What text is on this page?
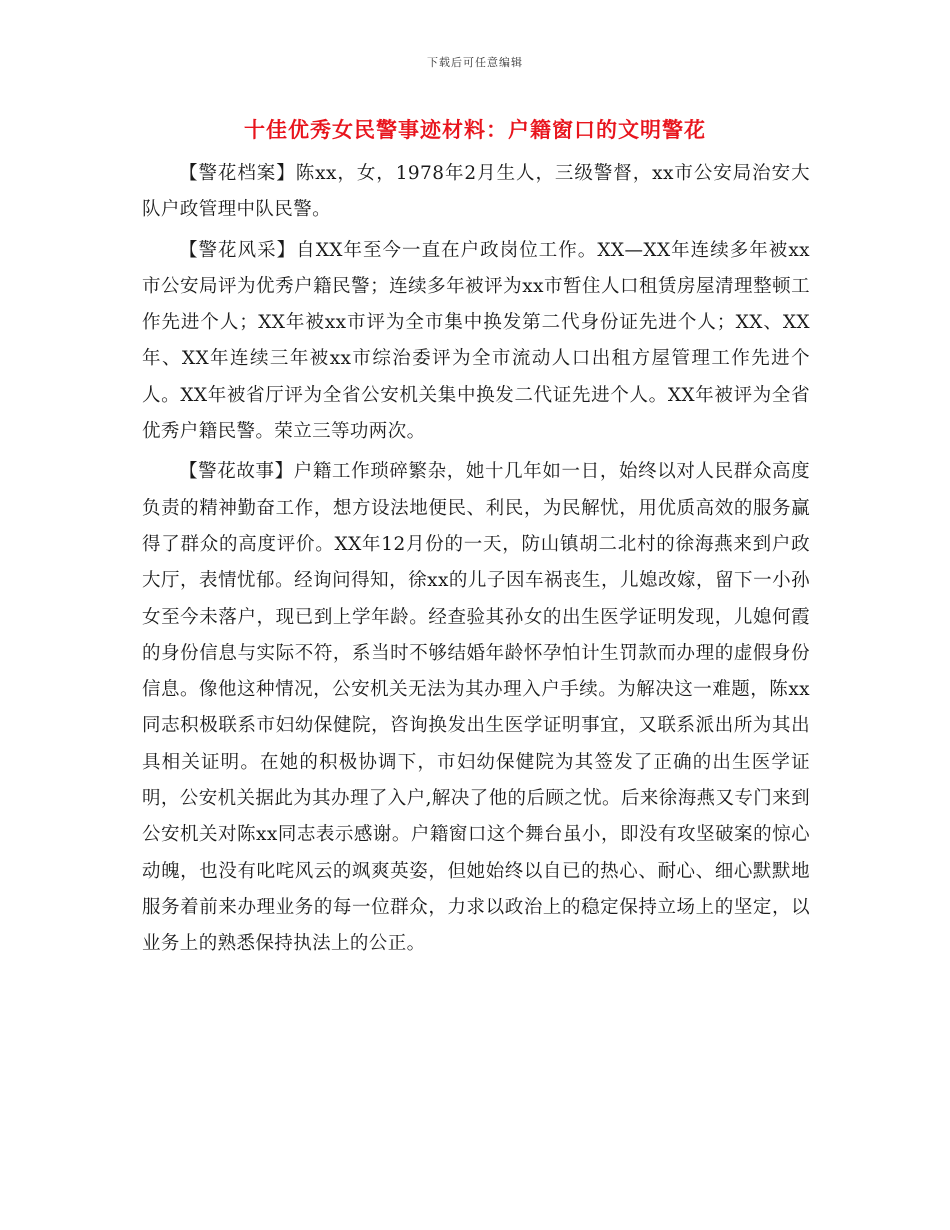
下载后可任意编辑
十佳优秀女民警事迹材料：户籍窗口的文明警花

【警花档案】陈xx，女，1978年2月生人，三级警督，xx市公安局治安大队户政管理中队民警。

【警花风采】自XX年至今一直在户政岗位工作。XX—XX年连续多年被xx市公安局评为优秀户籍民警；连续多年被评为xx市暂住人口租赁房屋清理整顿工作先进个人；XX年被xx市评为全市集中换发第二代身份证先进个人；XX、XX年、XX年连续三年被xx市综治委评为全市流动人口出租方屋管理工作先进个人。XX年被省厅评为全省公安机关集中换发二代证先进个人。XX年被评为全省优秀户籍民警。荣立三等功两次。

【警花故事】户籍工作琐碎繁杂，她十几年如一日，始终以对人民群众高度负责的精神勤奋工作，想方设法地便民、利民，为民解忧，用优质高效的服务赢得了群众的高度评价。XX年12月份的一天，防山镇胡二北村的徐海燕来到户政大厅，表情忧郁。经询问得知，徐xx的儿子因车祸丧生，儿媳改嫁，留下一小孙女至今未落户，现已到上学年龄。经查验其孙女的出生医学证明发现，儿媳何霞的身份信息与实际不符，系当时不够结婚年龄怀孕怕计生罚款而办理的虚假身份信息。像他这种情况，公安机关无法为其办理入户手续。为解决这一难题，陈xx同志积极联系市妇幼保健院，咨询换发出生医学证明事宜，又联系派出所为其出具相关证明。在她的积极协调下，市妇幼保健院为其签发了正确的出生医学证明，公安机关据此为其办理了入户,解决了他的后顾之忧。后来徐海燕又专门来到公安机关对陈xx同志表示感谢。户籍窗口这个舞台虽小，即没有攻坚破案的惊心动魄，也没有叱咤风云的飒爽英姿，但她始终以自已的热心、耐心、细心默默地服务着前来办理业务的每一位群众，力求以政治上的稳定保持立场上的坚定，以业务上的熟悉保持执法上的公正。
